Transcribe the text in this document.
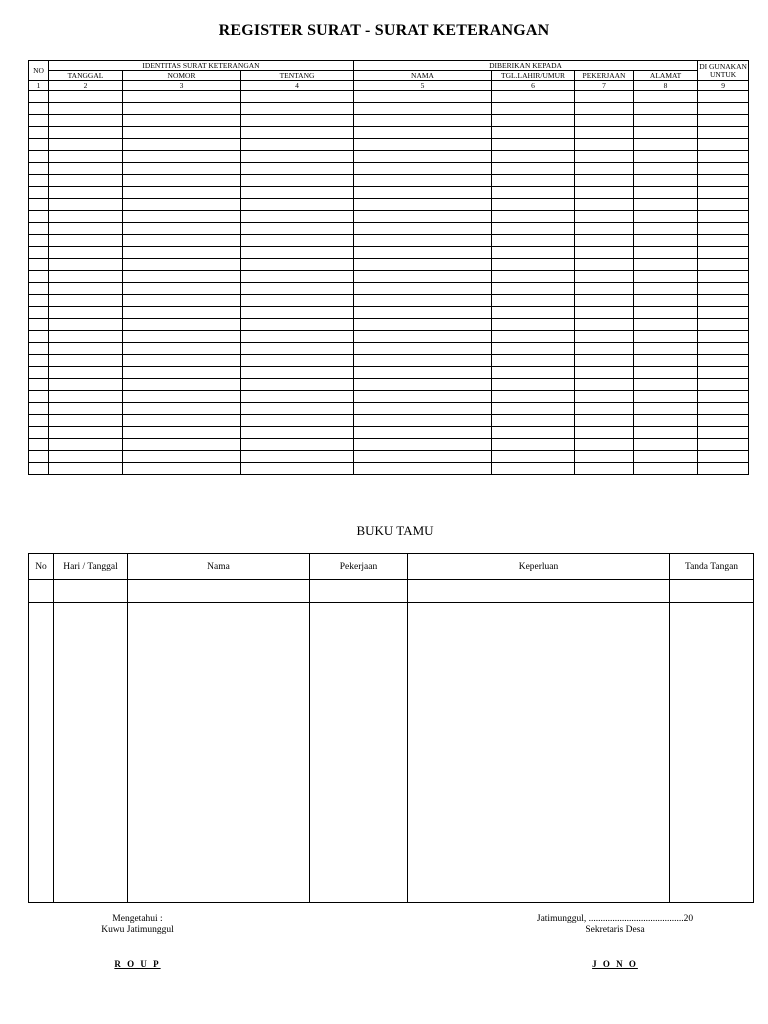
REGISTER SURAT - SURAT KETERANGAN
NO	IDENTITAS SURAT KETERANGAN			DIBERIKAN KEPADA				DI GUNAKAN UNTUK
	TANGGAL	NOMOR	TENTANG	NAMA	TGL.LAHIR/UMUR	PEKERJAAN	ALAMAT	
1	2	3	4	5	6	7	8	9

BUKU TAMU
No	Hari / Tanggal	Nama	Pekerjaan	Keperluan	Tanda Tangan

Mengetahui :
Kuwu Jatimunggul
R O U P
Jatimunggul, ........................................20
Sekretaris Desa
J O N O
